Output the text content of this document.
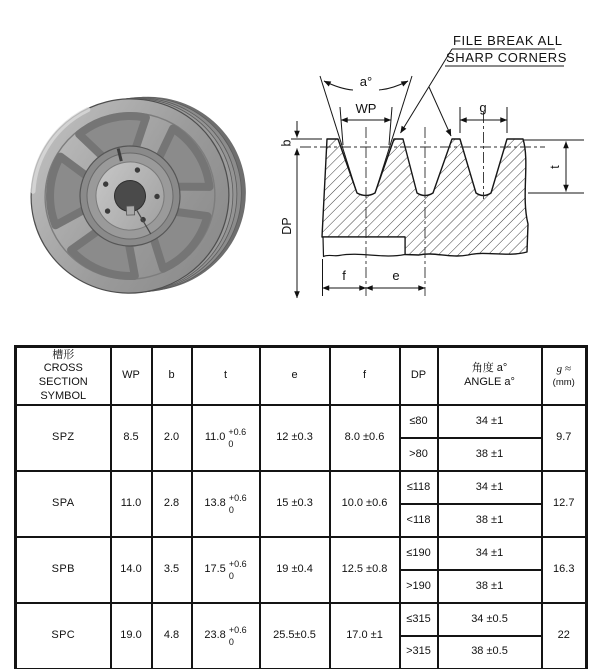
FILE BREAK ALL
SHARP CORNERS
a°
WP	g
b
t
DP
f	e
槽形
CROSS
SECTION
SYMBOL	WP	b	t	e	f	DP	角度 a°
ANGLE a°	g ≈
(mm)

SPZ	8.5	2.0	11.0 +0.6
0	12 ±0.3	8.0 ±0.6	≤80	34 ±1	9.7
						>80	38 ±1	
SPA	11.0	2.8	13.8 +0.6
0	15 ±0.3	10.0 ±0.6	≤118	34 ±1	12.7
						<118	38 ±1	
SPB	14.0	3.5	17.5 +0.6
0	19 ±0.4	12.5 ±0.8	≤190	34 ±1	16.3
						>190	38 ±1	
SPC	19.0	4.8	23.8 +0.6
0	25.5±0.5	17.0 ±1	≤315	34 ±0.5	22
						>315	38 ±0.5	
